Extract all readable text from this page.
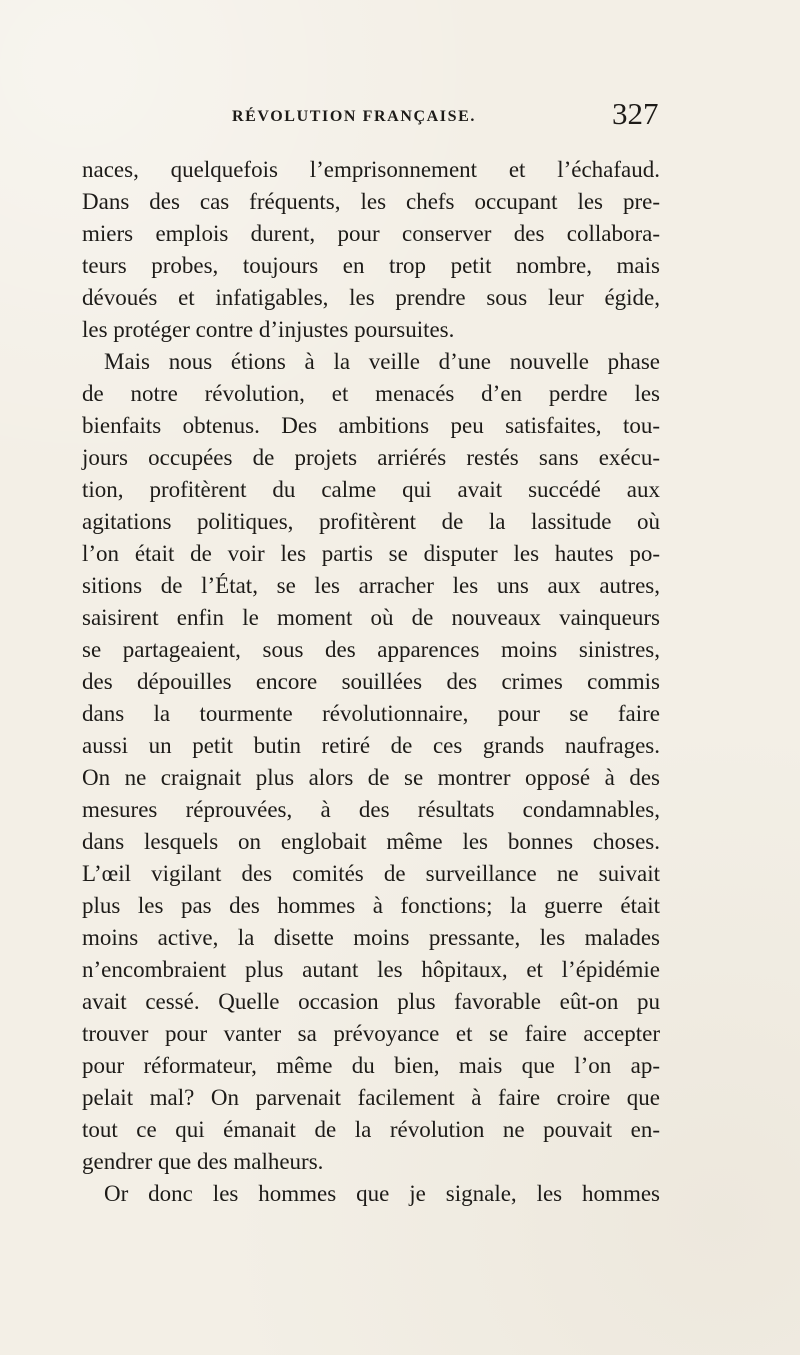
RÉVOLUTION FRANÇAISE.	327
naces, quelquefois l’emprisonnement et l’échafaud.
Dans des cas fréquents, les chefs occupant les pre-
miers emplois durent, pour conserver des collabora-
teurs probes, toujours en trop petit nombre, mais
dévoués et infatigables, les prendre sous leur égide,
les protéger contre d’injustes poursuites.
Mais nous étions à la veille d’une nouvelle phase
de notre révolution, et menacés d’en perdre les
bienfaits obtenus. Des ambitions peu satisfaites, tou-
jours occupées de projets arriérés restés sans exécu-
tion, profitèrent du calme qui avait succédé aux
agitations politiques, profitèrent de la lassitude où
l’on était de voir les partis se disputer les hautes po-
sitions de l’État, se les arracher les uns aux autres,
saisirent enfin le moment où de nouveaux vainqueurs
se partageaient, sous des apparences moins sinistres,
des dépouilles encore souillées des crimes commis
dans la tourmente révolutionnaire, pour se faire
aussi un petit butin retiré de ces grands naufrages.
On ne craignait plus alors de se montrer opposé à des
mesures réprouvées, à des résultats condamnables,
dans lesquels on englobait même les bonnes choses.
L’œil vigilant des comités de surveillance ne suivait
plus les pas des hommes à fonctions; la guerre était
moins active, la disette moins pressante, les malades
n’encombraient plus autant les hôpitaux, et l’épidémie
avait cessé. Quelle occasion plus favorable eût-on pu
trouver pour vanter sa prévoyance et se faire accepter
pour réformateur, même du bien, mais que l’on ap-
pelait mal? On parvenait facilement à faire croire que
tout ce qui émanait de la révolution ne pouvait en-
gendrer que des malheurs.
Or donc les hommes que je signale, les hommes
